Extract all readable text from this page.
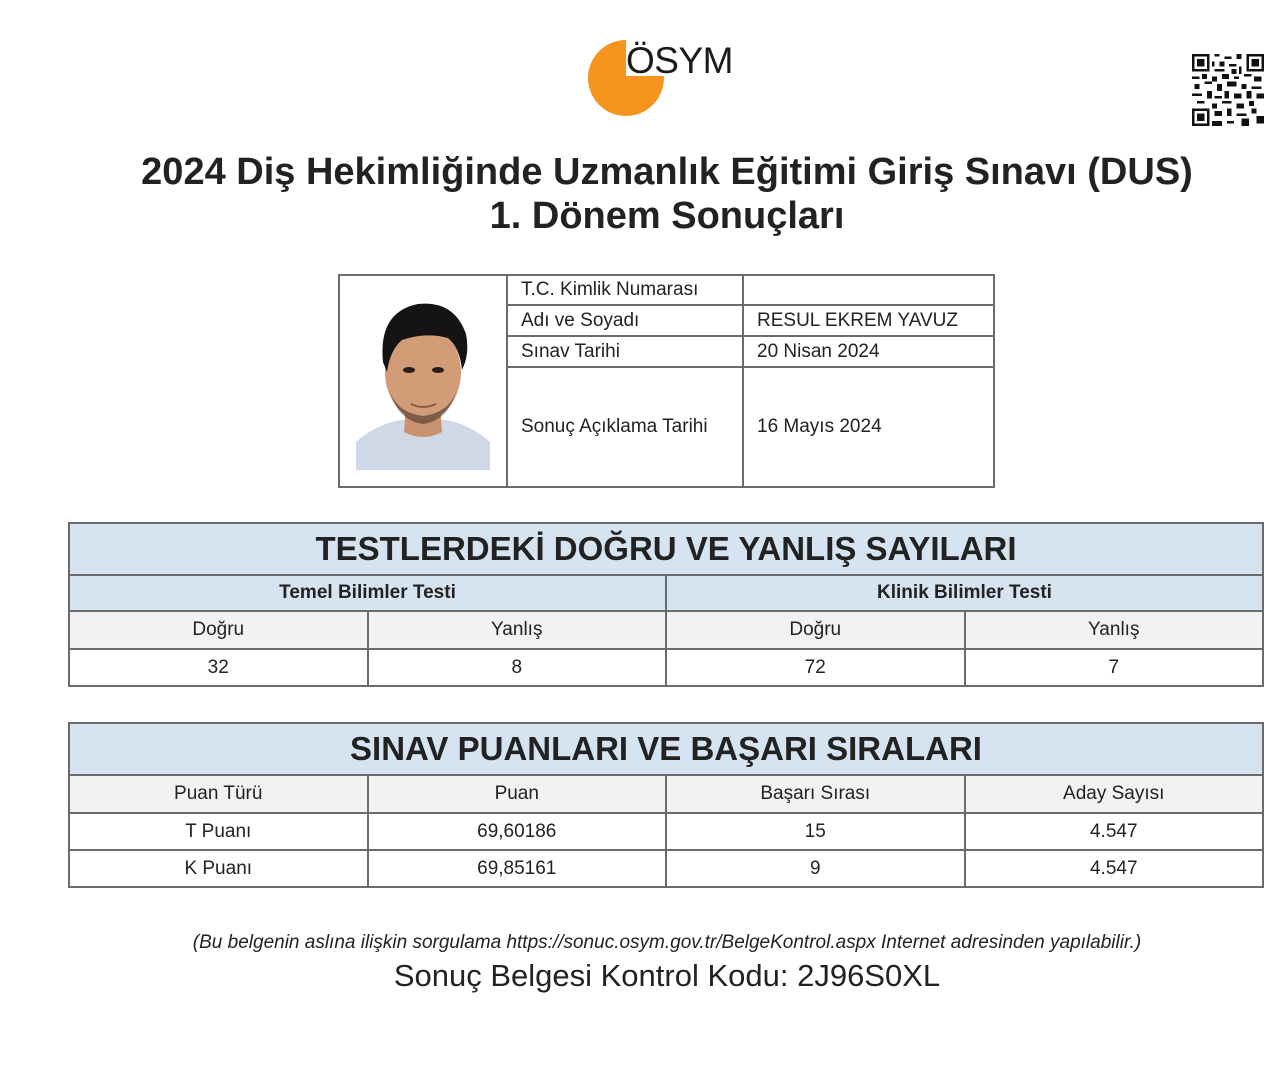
ÖSYM
2024 Diş Hekimliğinde Uzmanlık Eğitimi Giriş Sınavı (DUS)
1. Dönem Sonuçları
T.C. Kimlik Numarası
Adı ve Soyadı	RESUL EKREM YAVUZ
Sınav Tarihi	20 Nisan 2024
Sonuç Açıklama Tarihi	16 Mayıs 2024
TESTLERDEKİ DOĞRU VE YANLIŞ SAYILARI			
Temel Bilimler Testi		Klinik Bilimler Testi	
Doğru	Yanlış	Doğru	Yanlış
32	8	72	7
SINAV PUANLARI VE BAŞARI SIRALARI			
Puan Türü	Puan	Başarı Sırası	Aday Sayısı
T Puanı	69,60186	15	4.547
K Puanı	69,85161	9	4.547
(Bu belgenin aslına ilişkin sorgulama https://sonuc.osym.gov.tr/BelgeKontrol.aspx Internet adresinden yapılabilir.)
Sonuç Belgesi Kontrol Kodu: 2J96S0XL
